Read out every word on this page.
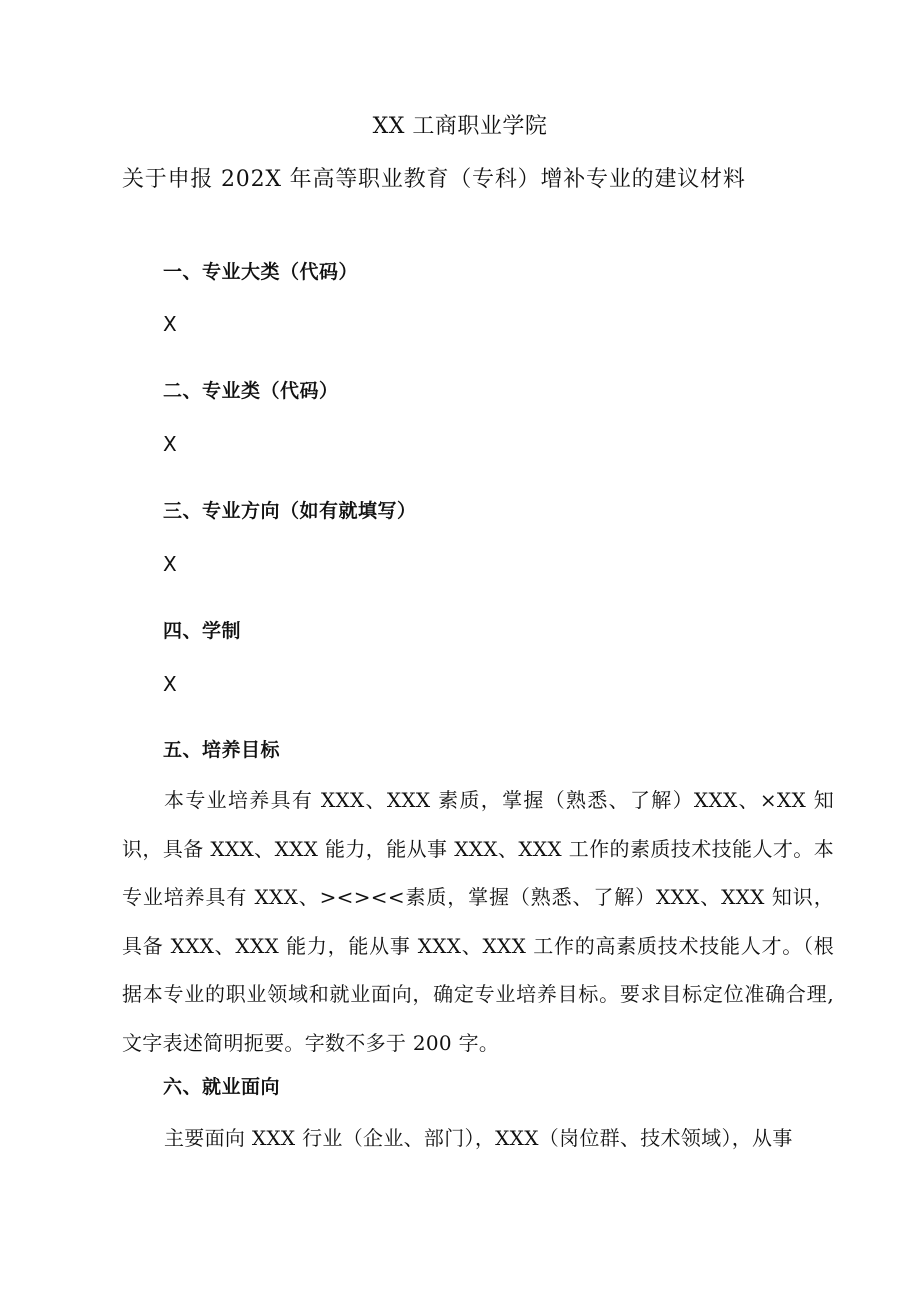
XX 工商职业学院
关于申报 202X 年高等职业教育（专科）增补专业的建议材料
一、专业大类（代码）
X
二、专业类（代码）
X
三、专业方向（如有就填写）
X
四、学制
X
五、培养目标
本专业培养具有 XXX、XXX 素质，掌握（熟悉、了解）XXX、×XX 知识，具备 XXX、XXX 能力，能从事 XXX、XXX 工作的素质技术技能人才。本专业培养具有 XXX、><><<素质，掌握（熟悉、了解）XXX、XXX 知识，具备 XXX、XXX 能力，能从事 XXX、XXX 工作的高素质技术技能人才。（根据本专业的职业领域和就业面向，确定专业培养目标。要求目标定位准确合理,文字表述简明扼要。字数不多于 200 字。
六、就业面向
主要面向 XXX 行业（企业、部门），XXX（岗位群、技术领域），从事
